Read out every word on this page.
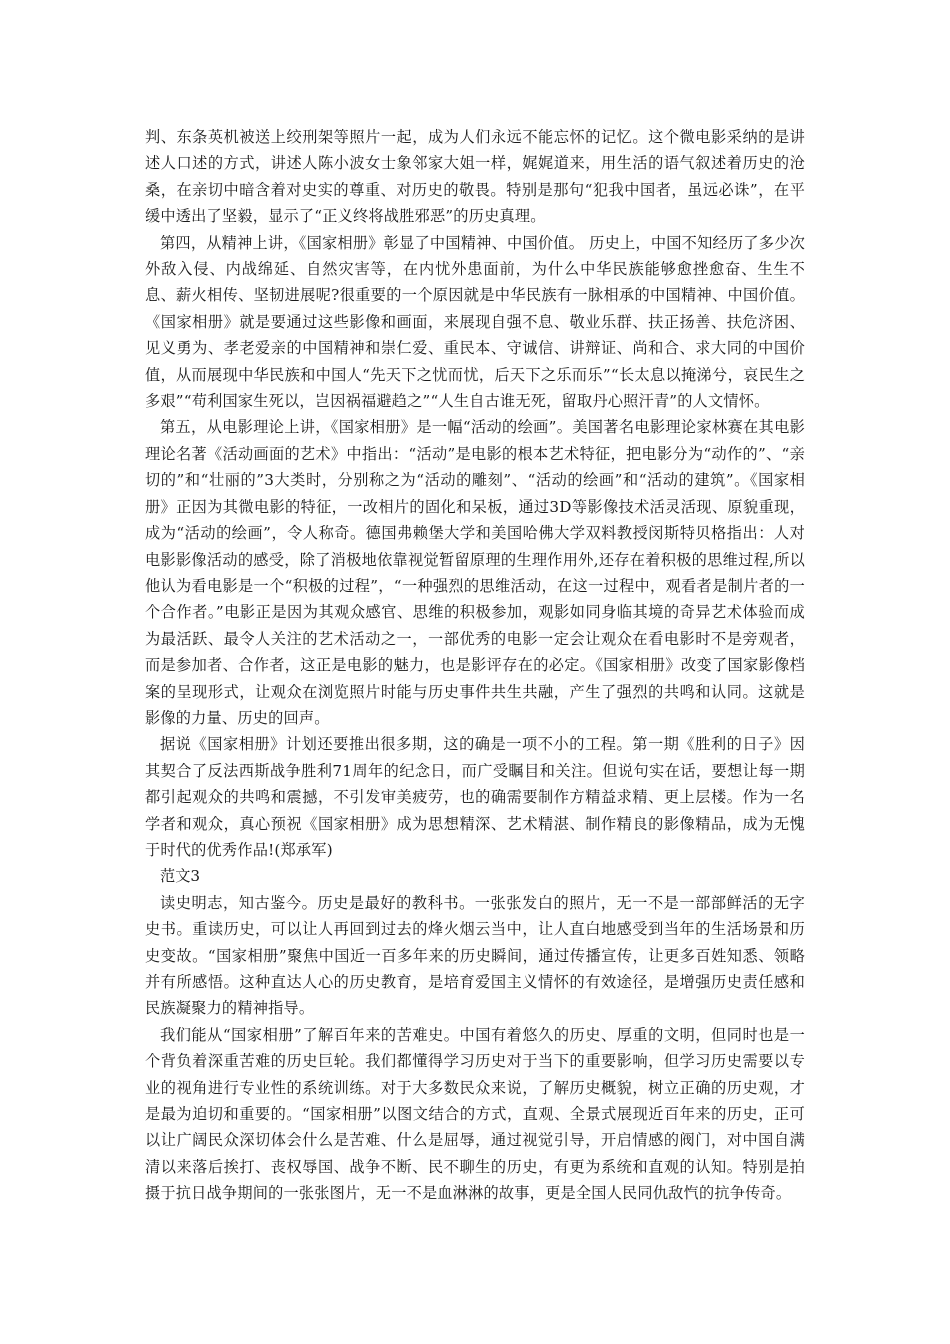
判、东条英机被送上绞刑架等照片一起，成为人们永远不能忘怀的记忆。这个微电影采纳的是讲述人口述的方式，讲述人陈小波女士象邻家大姐一样，娓娓道来，用生活的语气叙述着历史的沧桑，在亲切中暗含着对史实的尊重、对历史的敬畏。特别是那句“犯我中国者，虽远必诛”，在平缓中透出了坚毅，显示了“正义终将战胜邪恶”的历史真理。

第四，从精神上讲，《国家相册》彰显了中国精神、中国价值。 历史上，中国不知经历了多少次外敌入侵、内战绵延、自然灾害等，在内忧外患面前，为什么中华民族能够愈挫愈奋、生生不息、薪火相传、坚韧进展呢?很重要的一个原因就是中华民族有一脉相承的中国精神、中国价值。《国家相册》就是要通过这些影像和画面，来展现自强不息、敬业乐群、扶正扬善、扶危济困、见义勇为、孝老爱亲的中国精神和崇仁爱、重民本、守诚信、讲辩证、尚和合、求大同的中国价值，从而展现中华民族和中国人“先天下之忧而忧，后天下之乐而乐”“长太息以掩涕兮，哀民生之多艰”“苟利国家生死以，岂因祸福避趋之”“人生自古谁无死，留取丹心照汗青”的人文情怀。

第五，从电影理论上讲，《国家相册》是一幅“活动的绘画”。美国著名电影理论家林赛在其电影理论名著《活动画面的艺术》中指出：“活动”是电影的根本艺术特征，把电影分为“动作的”、“亲切的”和“壮丽的”3大类时，分别称之为“活动的雕刻”、“活动的绘画”和“活动的建筑”。《国家相册》正因为其微电影的特征，一改相片的固化和呆板，通过3D等影像技术活灵活现、原貌重现，成为“活动的绘画”，令人称奇。德国弗赖堡大学和美国哈佛大学双料教授闵斯特贝格指出：人对电影影像活动的感受，除了消极地依靠视觉暂留原理的生理作用外,还存在着积极的思维过程,所以他认为看电影是一个“积极的过程”，“一种强烈的思维活动，在这一过程中，观看者是制片者的一个合作者。”电影正是因为其观众感官、思维的积极参加，观影如同身临其境的奇异艺术体验而成为最活跃、最令人关注的艺术活动之一，一部优秀的电影一定会让观众在看电影时不是旁观者，而是参加者、合作者，这正是电影的魅力，也是影评存在的必定。《国家相册》改变了国家影像档案的呈现形式，让观众在浏览照片时能与历史事件共生共融，产生了强烈的共鸣和认同。这就是影像的力量、历史的回声。

据说《国家相册》计划还要推出很多期，这的确是一项不小的工程。第一期《胜利的日子》因其契合了反法西斯战争胜利71周年的纪念日，而广受瞩目和关注。但说句实在话，要想让每一期都引起观众的共鸣和震撼，不引发审美疲劳，也的确需要制作方精益求精、更上层楼。作为一名学者和观众，真心预祝《国家相册》成为思想精深、艺术精湛、制作精良的影像精品，成为无愧于时代的优秀作品!(郑承军)

范文3

读史明志，知古鉴今。历史是最好的教科书。一张张发白的照片，无一不是一部部鲜活的无字史书。重读历史，可以让人再回到过去的烽火烟云当中，让人直白地感受到当年的生活场景和历史变故。“国家相册”聚焦中国近一百多年来的历史瞬间，通过传播宣传，让更多百姓知悉、领略并有所感悟。这种直达人心的历史教育，是培育爱国主义情怀的有效途径，是增强历史责任感和民族凝聚力的精神指导。

我们能从“国家相册”了解百年来的苦难史。中国有着悠久的历史、厚重的文明，但同时也是一个背负着深重苦难的历史巨轮。我们都懂得学习历史对于当下的重要影响，但学习历史需要以专业的视角进行专业性的系统训练。对于大多数民众来说，了解历史概貌，树立正确的历史观，才是最为迫切和重要的。“国家相册”以图文结合的方式，直观、全景式展现近百年来的历史，正可以让广阔民众深切体会什么是苦难、什么是屈辱，通过视觉引导，开启情感的阀门，对中国自满清以来落后挨打、丧权辱国、战争不断、民不聊生的历史，有更为系统和直观的认知。特别是拍摄于抗日战争期间的一张张图片，无一不是血淋淋的故事，更是全国人民同仇敌忾的抗争传奇。
